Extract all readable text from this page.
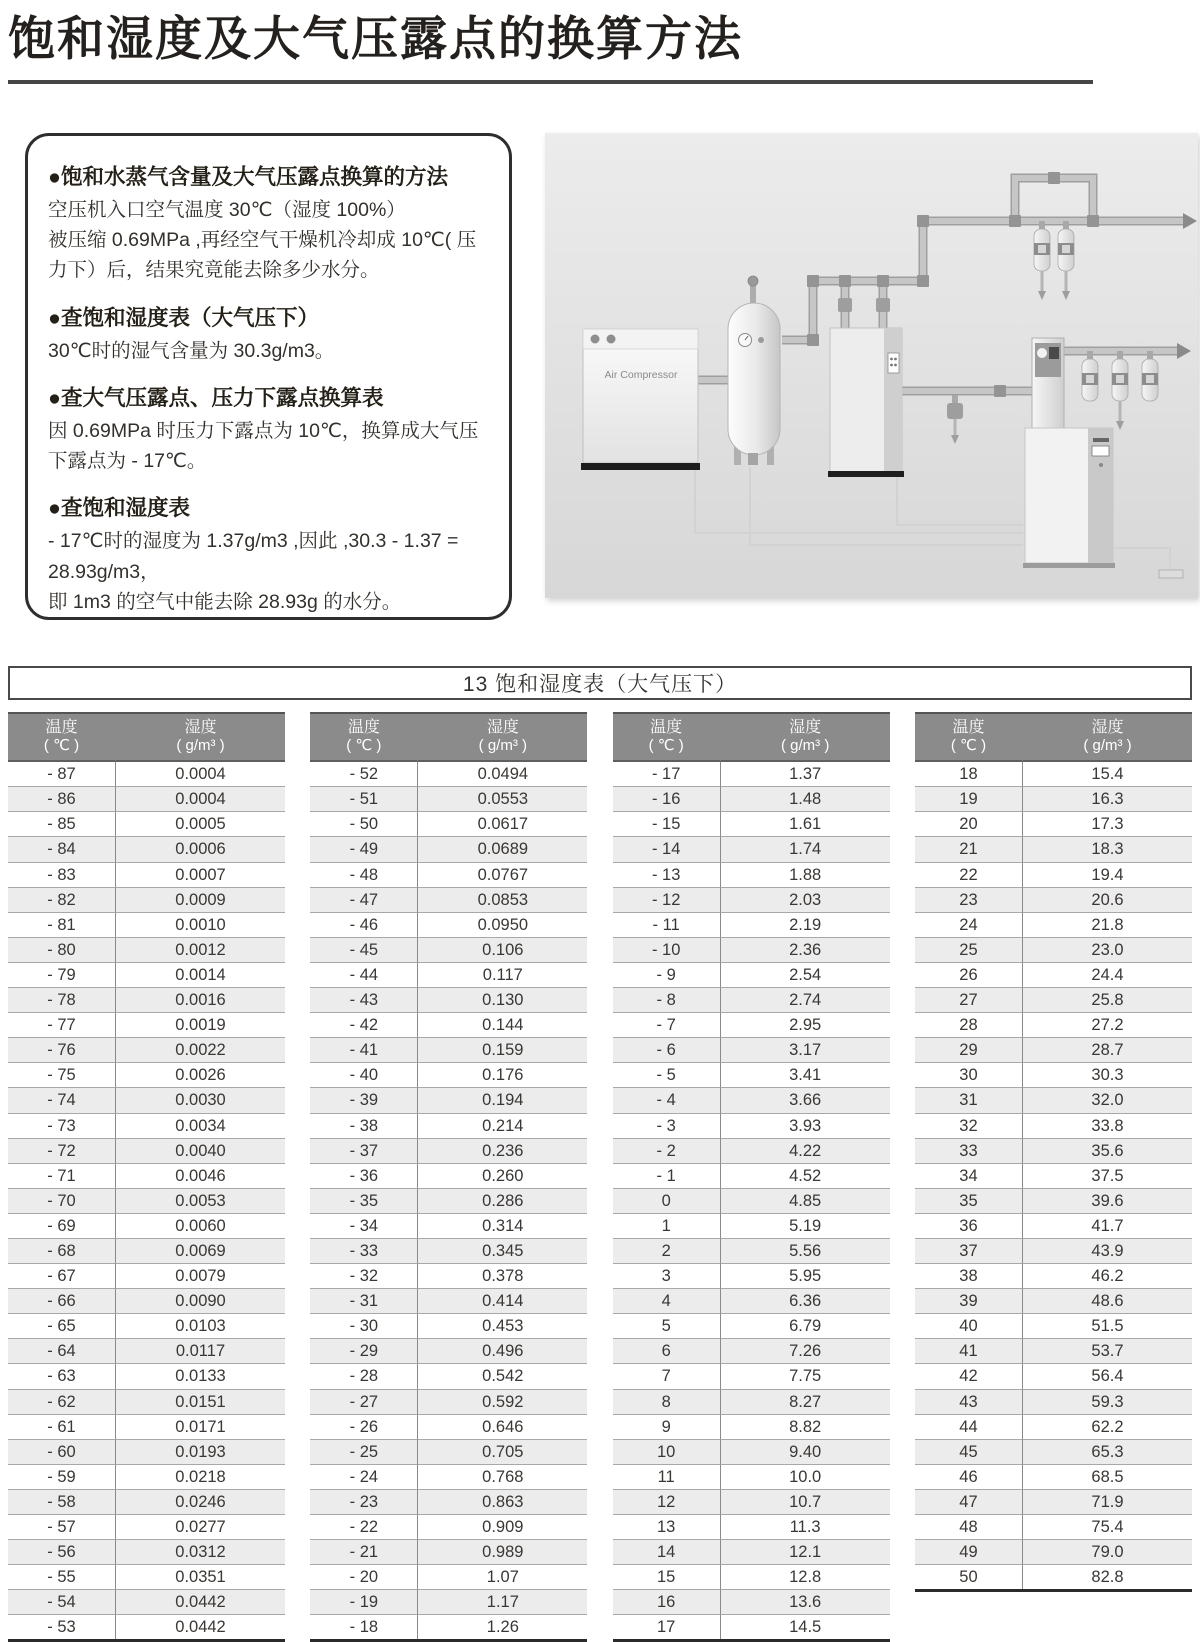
饱和湿度及大气压露点的换算方法
●饱和水蒸气含量及大气压露点换算的方法

空压机入口空气温度 30℃（湿度 100%）

被压缩 0.69MPa ,再经空气干燥机冷却成 10℃( 压力下）后，结果究竟能去除多少水分。

●查饱和湿度表（大气压下）

30℃时的湿气含量为 30.3g/m3。

●查大气压露点、压力下露点换算表

因 0.69MPa 时压力下露点为 10℃，换算成大气压下露点为 - 17℃。

●查饱和湿度表

- 17℃时的湿度为 1.37g/m3 ,因此 ,30.3 - 1.37 = 28.93g/m3，

即 1m3 的空气中能去除 28.93g 的水分。

Air Compressor
13 饱和湿度表（大气压下）
温度
( ℃ )

湿度
( g/m³ )

- 87	0.0004
- 86	0.0004
- 85	0.0005
- 84	0.0006
- 83	0.0007
- 82	0.0009
- 81	0.0010
- 80	0.0012
- 79	0.0014
- 78	0.0016
- 77	0.0019
- 76	0.0022
- 75	0.0026
- 74	0.0030
- 73	0.0034
- 72	0.0040
- 71	0.0046
- 70	0.0053
- 69	0.0060
- 68	0.0069
- 67	0.0079
- 66	0.0090
- 65	0.0103
- 64	0.0117
- 63	0.0133
- 62	0.0151
- 61	0.0171
- 60	0.0193
- 59	0.0218
- 58	0.0246
- 57	0.0277
- 56	0.0312
- 55	0.0351
- 54	0.0442
- 53	0.0442
温度
( ℃ )

湿度
( g/m³ )

- 52	0.0494
- 51	0.0553
- 50	0.0617
- 49	0.0689
- 48	0.0767
- 47	0.0853
- 46	0.0950
- 45	0.106
- 44	0.117
- 43	0.130
- 42	0.144
- 41	0.159
- 40	0.176
- 39	0.194
- 38	0.214
- 37	0.236
- 36	0.260
- 35	0.286
- 34	0.314
- 33	0.345
- 32	0.378
- 31	0.414
- 30	0.453
- 29	0.496
- 28	0.542
- 27	0.592
- 26	0.646
- 25	0.705
- 24	0.768
- 23	0.863
- 22	0.909
- 21	0.989
- 20	1.07
- 19	1.17
- 18	1.26
温度
( ℃ )

湿度
( g/m³ )

- 17	1.37
- 16	1.48
- 15	1.61
- 14	1.74
- 13	1.88
- 12	2.03
- 11	2.19
- 10	2.36
- 9	2.54
- 8	2.74
- 7	2.95
- 6	3.17
- 5	3.41
- 4	3.66
- 3	3.93
- 2	4.22
- 1	4.52
0	4.85
1	5.19
2	5.56
3	5.95
4	6.36
5	6.79
6	7.26
7	7.75
8	8.27
9	8.82
10	9.40
11	10.0
12	10.7
13	11.3
14	12.1
15	12.8
16	13.6
17	14.5
温度
( ℃ )

湿度
( g/m³ )

18	15.4
19	16.3
20	17.3
21	18.3
22	19.4
23	20.6
24	21.8
25	23.0
26	24.4
27	25.8
28	27.2
29	28.7
30	30.3
31	32.0
32	33.8
33	35.6
34	37.5
35	39.6
36	41.7
37	43.9
38	46.2
39	48.6
40	51.5
41	53.7
42	56.4
43	59.3
44	62.2
45	65.3
46	68.5
47	71.9
48	75.4
49	79.0
50	82.8
